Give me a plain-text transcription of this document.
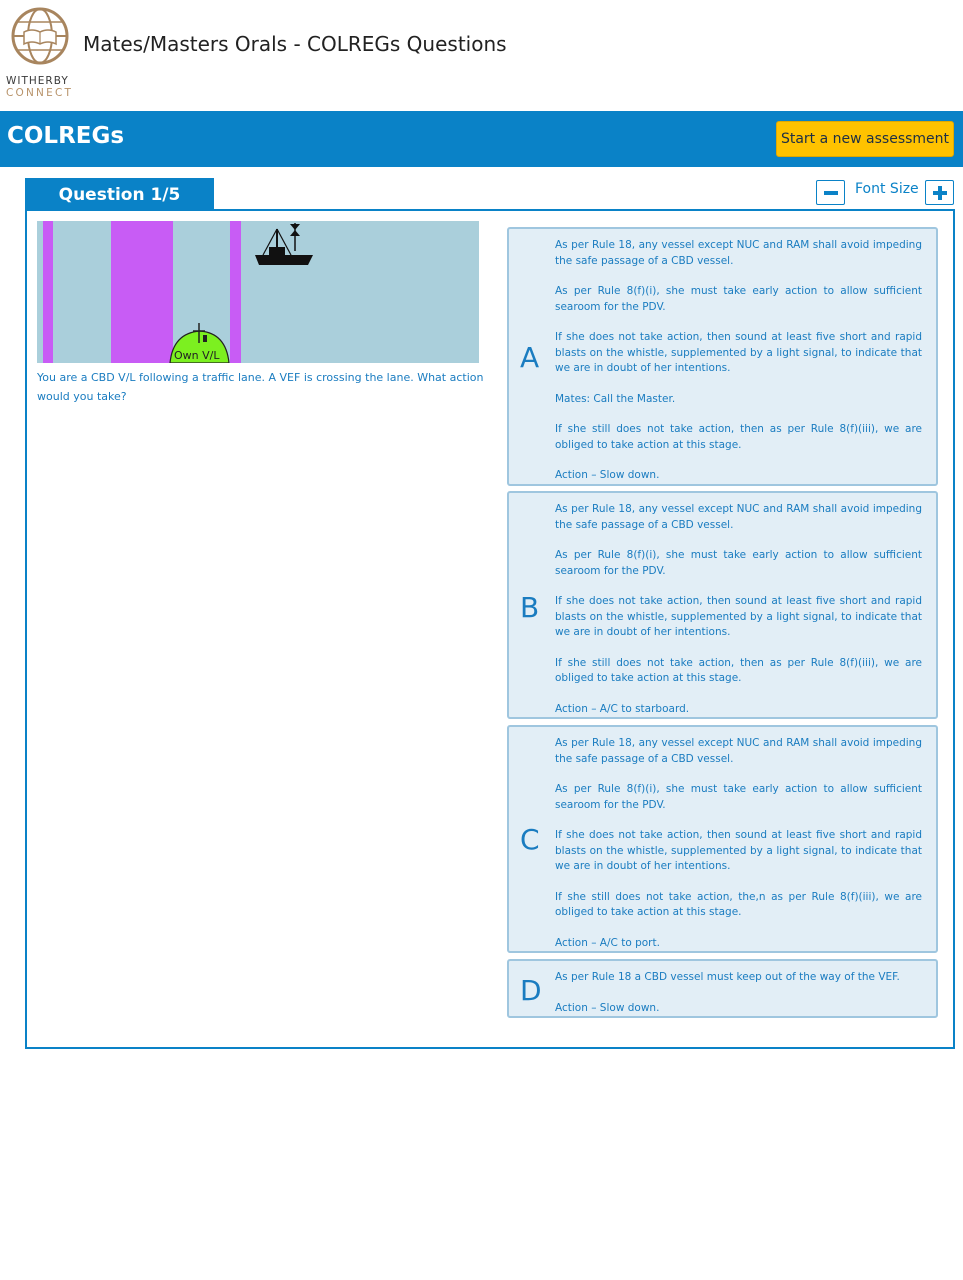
WITHERBY
CONNECT
Mates/Masters Orals - COLREGs Questions
COLREGs	Start a new assessment
Question 1/5	Font Size
Own V/L
You are a CBD V/L following a traffic lane. A VEF is crossing the lane. What action would you take?
A

As per Rule 18, any vessel except NUC and RAM shall avoid impeding the safe passage of a CBD vessel.

As per Rule 8(f)(i), she must take early action to allow sufficient searoom for the PDV.

If she does not take action, then sound at least five short and rapid blasts on the whistle, supplemented by a light signal, to indicate that we are in doubt of her intentions.

Mates: Call the Master.

If she still does not take action, then as per Rule 8(f)(iii), we are obliged to take action at this stage.

Action – Slow down.

B

As per Rule 18, any vessel except NUC and RAM shall avoid impeding the safe passage of a CBD vessel.

As per Rule 8(f)(i), she must take early action to allow sufficient searoom for the PDV.

If she does not take action, then sound at least five short and rapid blasts on the whistle, supplemented by a light signal, to indicate that we are in doubt of her intentions.

If she still does not take action, then as per Rule 8(f)(iii), we are obliged to take action at this stage.

Action – A/C to starboard.

C

As per Rule 18, any vessel except NUC and RAM shall avoid impeding the safe passage of a CBD vessel.

As per Rule 8(f)(i), she must take early action to allow sufficient searoom for the PDV.

If she does not take action, then sound at least five short and rapid blasts on the whistle, supplemented by a light signal, to indicate that we are in doubt of her intentions.

If she still does not take action, the,n as per Rule 8(f)(iii), we are obliged to take action at this stage.

Action – A/C to port.

D As per Rule 18 a CBD vessel must keep out of the way of the VEF.

Action – Slow down.
